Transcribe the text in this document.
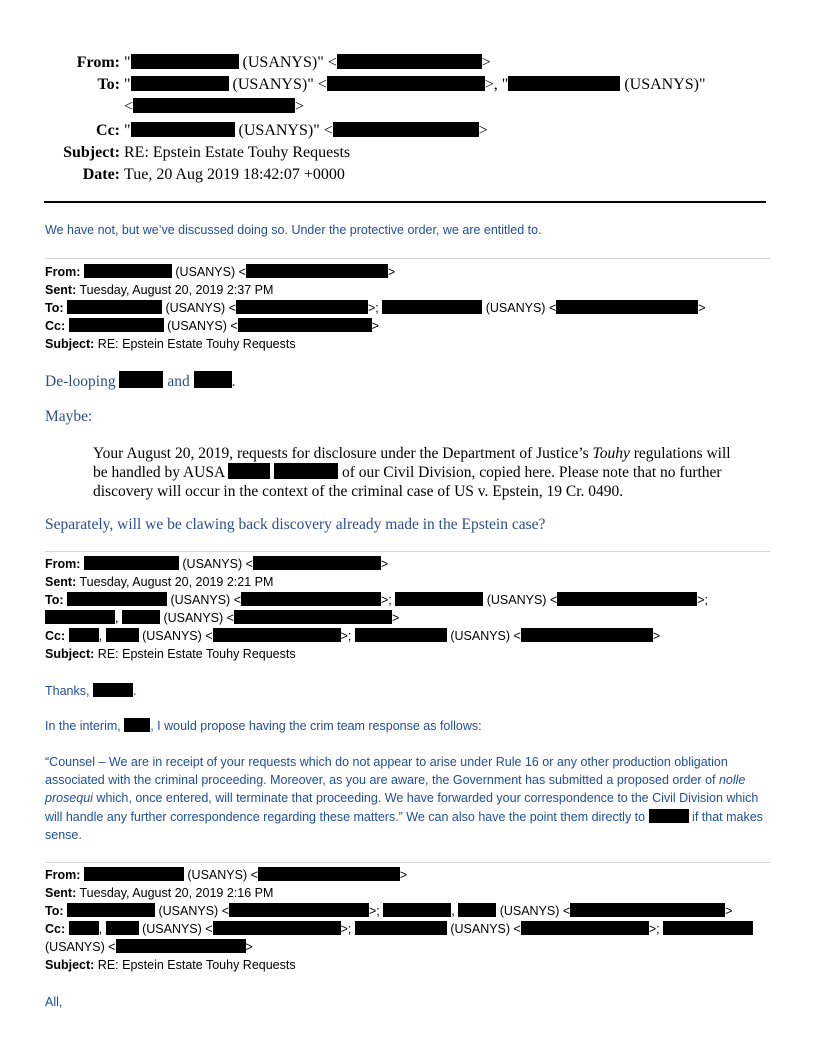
From: "	(USANYS)" <	>
To: "	(USANYS)" <	>, "	(USANYS)"
<	>
Cc: "	(USANYS)" <	>
Subject: RE: Epstein Estate Touhy Requests
Date: Tue, 20 Aug 2019 18:42:07 +0000
We have not, but we’ve discussed doing so. Under the protective order, we are entitled to.
From:	(USANYS) <	>
Sent: Tuesday, August 20, 2019 2:37 PM
To:	(USANYS) <	>;	(USANYS) <	>
Cc:	(USANYS) <	>
Subject: RE: Epstein Estate Touhy Requests
De-looping	and	.
Maybe:
Your August 20, 2019, requests for disclosure under the Department of Justice’s Touhy regulations will be handled by AUSA	of our Civil Division, copied here. Please note that no further discovery will occur in the context of the criminal case of US v. Epstein, 19 Cr. 0490.
Separately, will we be clawing back discovery already made in the Epstein case?
From:	(USANYS) <	>
Sent: Tuesday, August 20, 2019 2:21 PM
To:	(USANYS) <	>;	(USANYS) <	>;
,	(USANYS) <	>
Cc:	,	(USANYS) <	>;	(USANYS) <	>
Subject: RE: Epstein Estate Touhy Requests
Thanks,	.
In the interim, , I would propose having the crim team response as follows:
“Counsel – We are in receipt of your requests which do not appear to arise under Rule 16 or any other production obligation associated with the criminal proceeding. Moreover, as you are aware, the Government has submitted a proposed order of nolle prosequi which, once entered, will terminate that proceeding. We have forwarded your correspondence to the Civil Division which will handle any further correspondence regarding these matters.” We can also have the point them directly to	if that makes sense.
From:	(USANYS) <	>
Sent: Tuesday, August 20, 2019 2:16 PM
To:	(USANYS) <	>;	,	(USANYS) <	>
Cc:	,	(USANYS) <	>;	(USANYS) <	>;
(USANYS) <	>
Subject: RE: Epstein Estate Touhy Requests
All,
